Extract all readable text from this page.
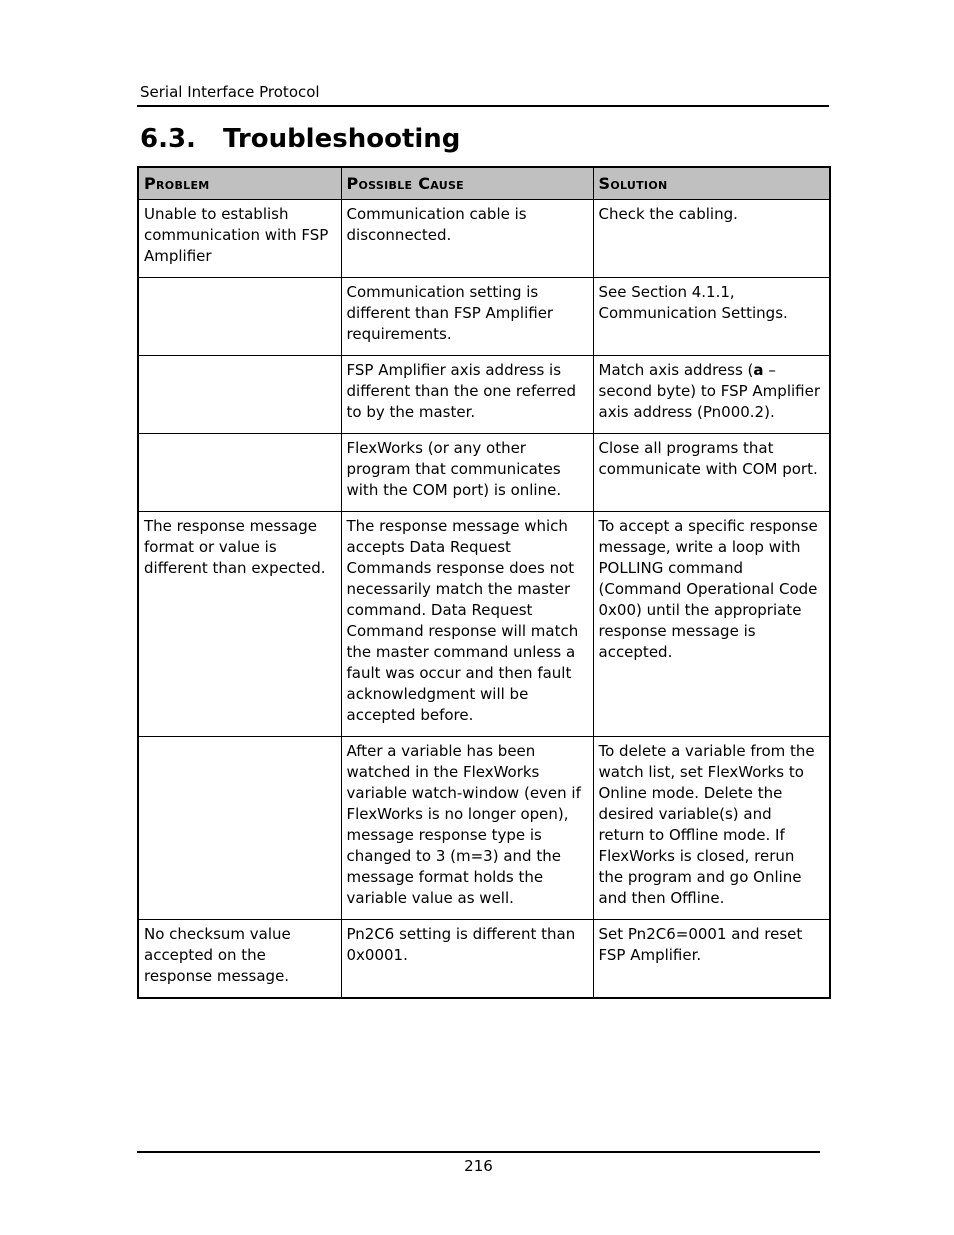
Serial Interface Protocol
6.3. Troubleshooting
Problem	Possible Cause	Solution
Unable to establish communication with FSP Amplifier	Communication cable is disconnected.	Check the cabling.
	Communication setting is different than FSP Amplifier requirements.	See Section 4.1.1, Communication Settings.
	FSP Amplifier axis address is different than the one referred to by the master.	Match axis address (a – second byte) to FSP Amplifier axis address (Pn000.2).
	FlexWorks (or any other program that communicates with the COM port) is online.	Close all programs that communicate with COM port.
The response message format or value is different than expected.	The response message which accepts Data Request Commands response does not necessarily match the master command. Data Request Command response will match the master command unless a fault was occur and then fault acknowledgment will be accepted before.	To accept a specific response message, write a loop with POLLING command (Command Operational Code 0x00) until the appropriate response message is accepted.
	After a variable has been watched in the FlexWorks variable watch-window (even if FlexWorks is no longer open), message response type is changed to 3 (m=3) and the message format holds the variable value as well.	To delete a variable from the watch list, set FlexWorks to Online mode. Delete the desired variable(s) and return to Offline mode. If FlexWorks is closed, rerun the program and go Online and then Offline.
No checksum value accepted on the response message.	Pn2C6 setting is different than 0x0001.	Set Pn2C6=0001 and reset FSP Amplifier.
216
